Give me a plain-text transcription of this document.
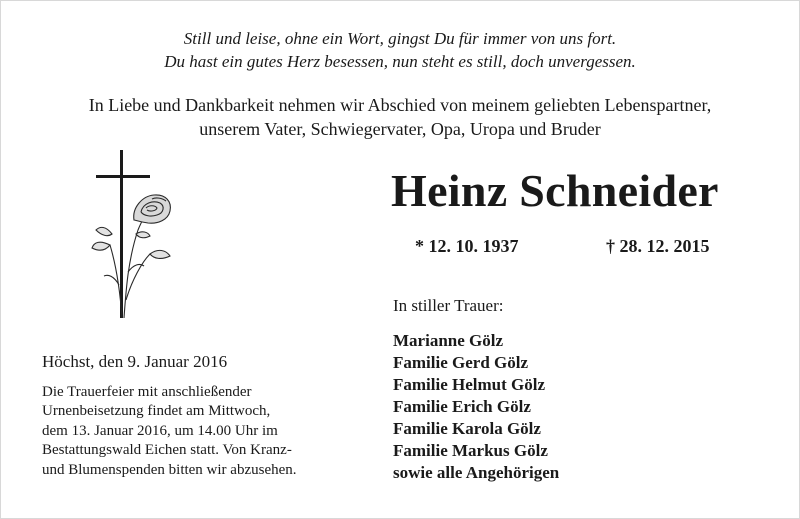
Still und leise, ohne ein Wort, gingst Du für immer von uns fort.
Du hast ein gutes Herz besessen, nun steht es still, doch unvergessen.
In Liebe und Dankbarkeit nehmen wir Abschied von meinem geliebten Lebenspartner,
unserem Vater, Schwiegervater, Opa, Uropa und Bruder
Heinz Schneider
* 12. 10. 1937	† 28. 12. 2015
In stiller Trauer:
Marianne Gölz
Familie Gerd Gölz
Familie Helmut Gölz
Familie Erich Gölz
Familie Karola Gölz
Familie Markus Gölz
sowie alle Angehörigen
Höchst, den 9. Januar 2016
Die Trauerfeier mit anschließender
Urnenbeisetzung findet am Mittwoch,
dem 13. Januar 2016, um 14.00 Uhr im
Bestattungswald Eichen statt. Von Kranz-
und Blumenspenden bitten wir abzusehen.
